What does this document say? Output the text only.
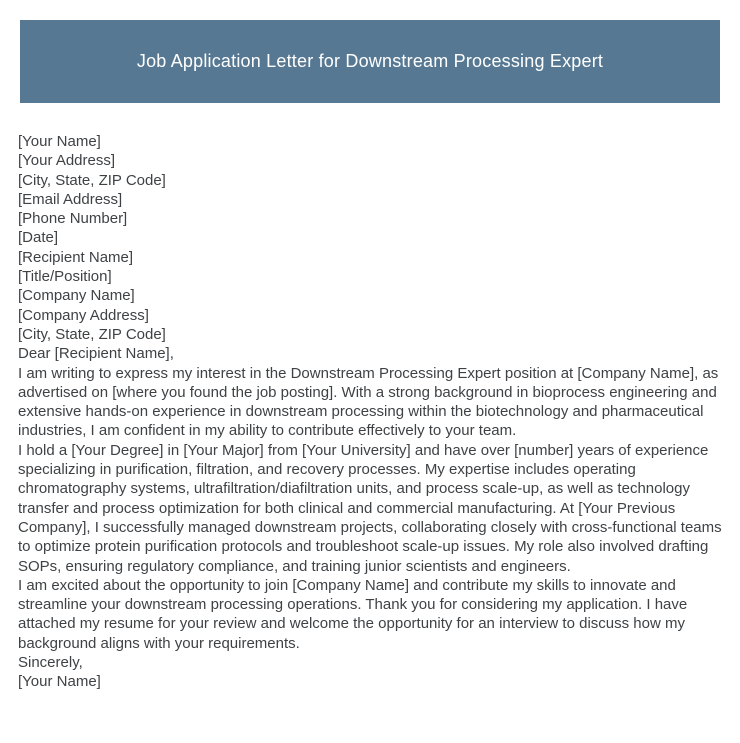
Job Application Letter for Downstream Processing Expert
[Your Name]
[Your Address]
[City, State, ZIP Code]
[Email Address]
[Phone Number]
[Date]
[Recipient Name]
[Title/Position]
[Company Name]
[Company Address]
[City, State, ZIP Code]
Dear [Recipient Name],
I am writing to express my interest in the Downstream Processing Expert position at [Company Name], as advertised on [where you found the job posting]. With a strong background in bioprocess engineering and extensive hands-on experience in downstream processing within the biotechnology and pharmaceutical industries, I am confident in my ability to contribute effectively to your team.
I hold a [Your Degree] in [Your Major] from [Your University] and have over [number] years of experience specializing in purification, filtration, and recovery processes. My expertise includes operating chromatography systems, ultrafiltration/diafiltration units, and process scale-up, as well as technology transfer and process optimization for both clinical and commercial manufacturing. At [Your Previous Company], I successfully managed downstream projects, collaborating closely with cross-functional teams to optimize protein purification protocols and troubleshoot scale-up issues. My role also involved drafting SOPs, ensuring regulatory compliance, and training junior scientists and engineers.
I am excited about the opportunity to join [Company Name] and contribute my skills to innovate and streamline your downstream processing operations. Thank you for considering my application. I have attached my resume for your review and welcome the opportunity for an interview to discuss how my background aligns with your requirements.
Sincerely,
[Your Name]
